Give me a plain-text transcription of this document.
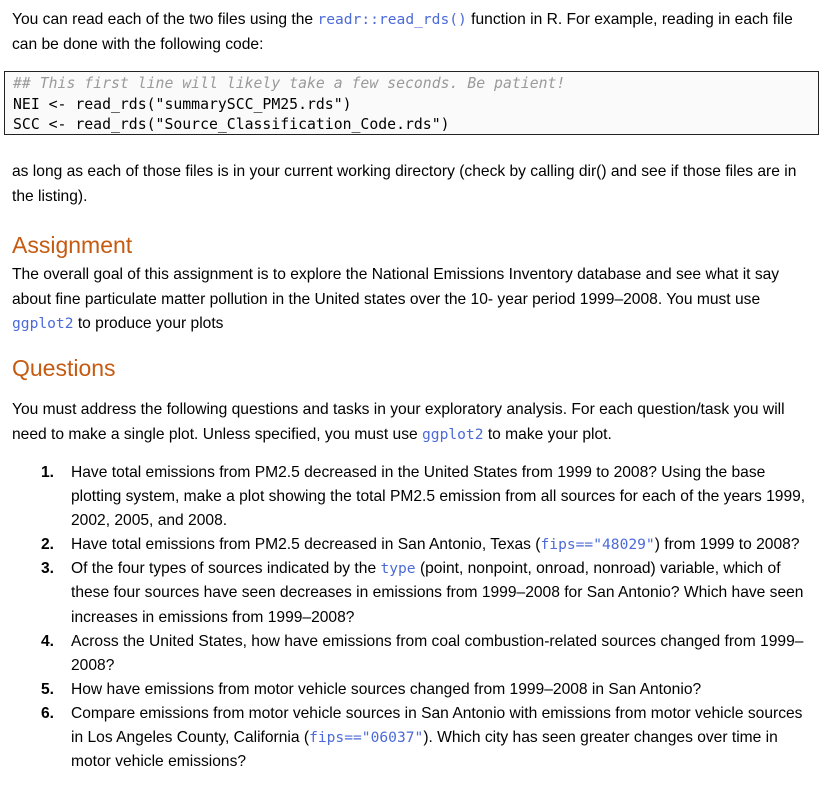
You can read each of the two files using the readr::read_rds() function in R. For example, reading in each file can be done with the following code:

## This first line will likely take a few seconds. Be patient!
NEI <- read_rds("summarySCC_PM25.rds")
SCC <- read_rds("Source_Classification_Code.rds")

as long as each of those files is in your current working directory (check by calling dir() and see if those files are in the listing).

Assignment

The overall goal of this assignment is to explore the National Emissions Inventory database and see what it say about fine particulate matter pollution in the United states over the 10- year period 1999–2008. You must use ggplot2 to produce your plots

Questions

You must address the following questions and tasks in your exploratory analysis. For each question/task you will need to make a single plot. Unless specified, you must use ggplot2 to make your plot.

1. Have total emissions from PM2.5 decreased in the United States from 1999 to 2008? Using the base plotting system, make a plot showing the total PM2.5 emission from all sources for each of the years 1999, 2002, 2005, and 2008.
2. Have total emissions from PM2.5 decreased in San Antonio, Texas (fips=="48029") from 1999 to 2008?
3. Of the four types of sources indicated by the type (point, nonpoint, onroad, nonroad) variable, which of these four sources have seen decreases in emissions from 1999–2008 for San Antonio? Which have seen increases in emissions from 1999–2008?
4. Across the United States, how have emissions from coal combustion-related sources changed from 1999–2008?
5. How have emissions from motor vehicle sources changed from 1999–2008 in San Antonio?
6. Compare emissions from motor vehicle sources in San Antonio with emissions from motor vehicle sources in Los Angeles County, California (fips=="06037"). Which city has seen greater changes over time in motor vehicle emissions?
